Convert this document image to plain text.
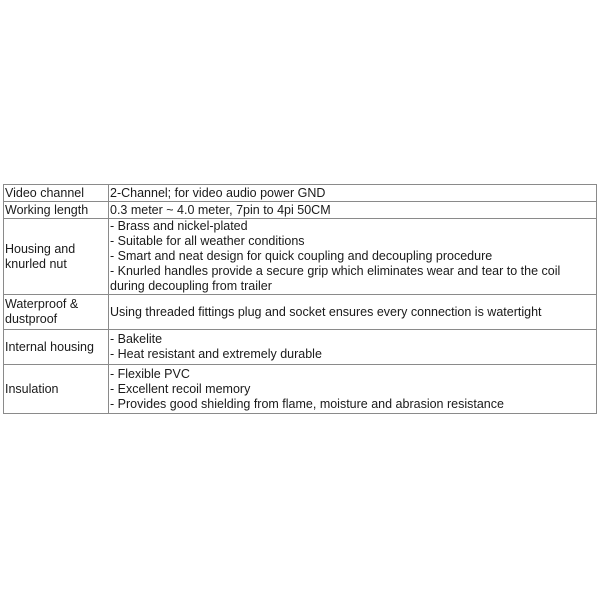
Video channel	2-Channel; for video audio power GND

Working length	0.3 meter ~ 4.0 meter, 7pin to 4pi 50CM

Housing and knurled nut	- Brass and nickel-plated
- Suitable for all weather conditions
- Smart and neat design for quick coupling and decoupling procedure
- Knurled handles provide a secure grip which eliminates wear and tear to the coil during decoupling from trailer

Waterproof & dustproof	Using threaded fittings plug and socket ensures every connection is watertight

Internal housing	- Bakelite
- Heat resistant and extremely durable

Insulation	- Flexible PVC
- Excellent recoil memory
- Provides good shielding from flame, moisture and abrasion resistance
